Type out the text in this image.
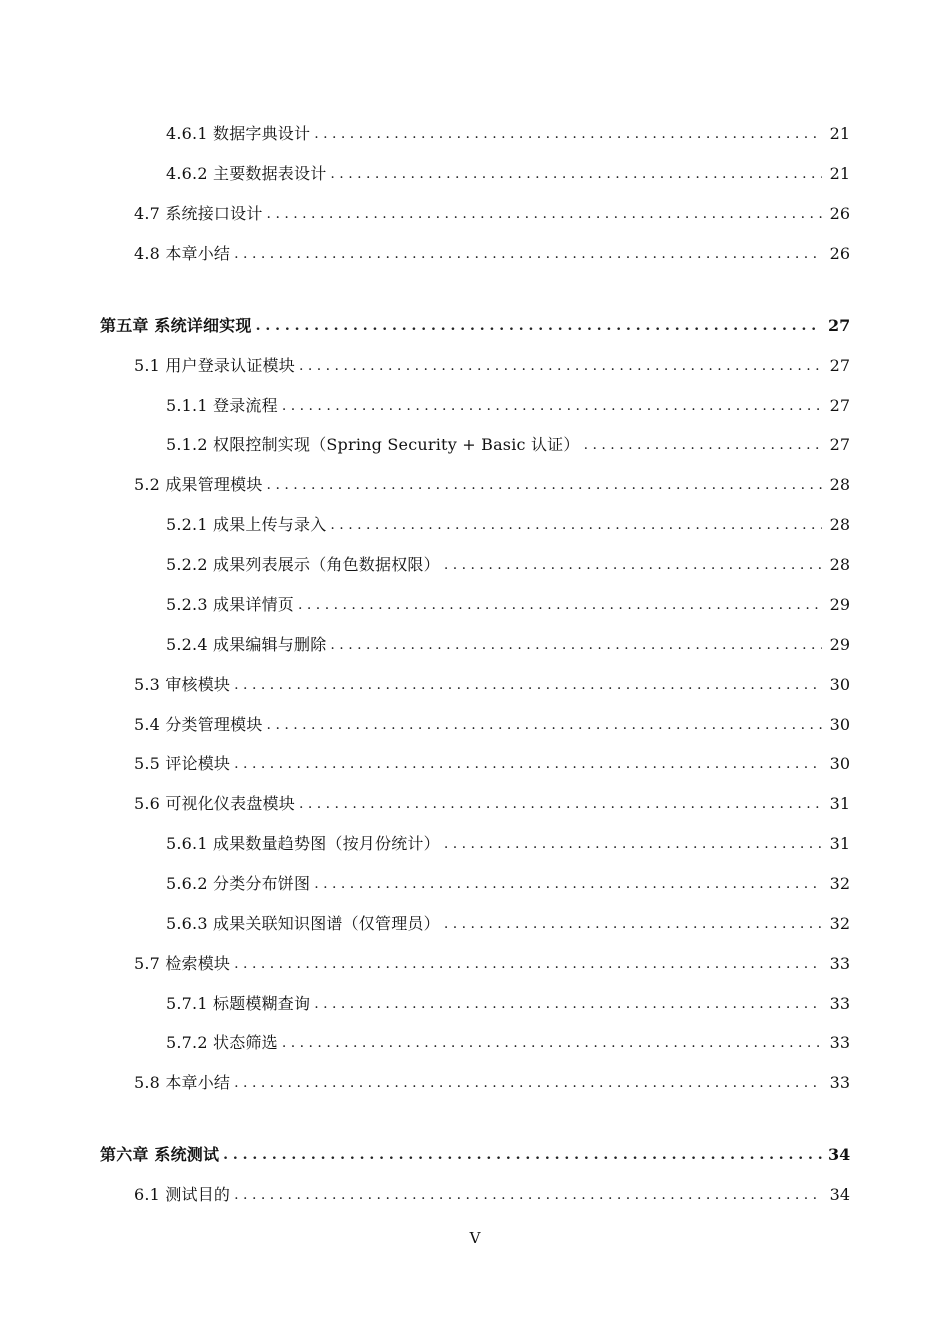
4.6.1 数据字典设计 . . .	21
4.6.2 主要数据表设计 . . .	21
4.7 系统接口设计 . . .	26
4.8 本章小结 . . .	26
第五章 系统详细实现 . . .	27
5.1 用户登录认证模块 . . .	27
5.1.1 登录流程 . . .	27
5.1.2 权限控制实现（Spring Security + Basic 认证） . . .	27
5.2 成果管理模块 . . .	28
5.2.1 成果上传与录入 . . .	28
5.2.2 成果列表展示（角色数据权限） . . .	28
5.2.3 成果详情页 . . .	29
5.2.4 成果编辑与删除 . . .	29
5.3 审核模块 . . .	30
5.4 分类管理模块 . . .	30
5.5 评论模块 . . .	30
5.6 可视化仪表盘模块 . . .	31
5.6.1 成果数量趋势图（按月份统计） . . .	31
5.6.2 分类分布饼图 . . .	32
5.6.3 成果关联知识图谱（仅管理员） . . .	32
5.7 检索模块 . . .	33
5.7.1 标题模糊查询 . . .	33
5.7.2 状态筛选 . . .	33
5.8 本章小结 . . .	33
第六章 系统测试 . . .	34
6.1 测试目的 . . .	34
V
